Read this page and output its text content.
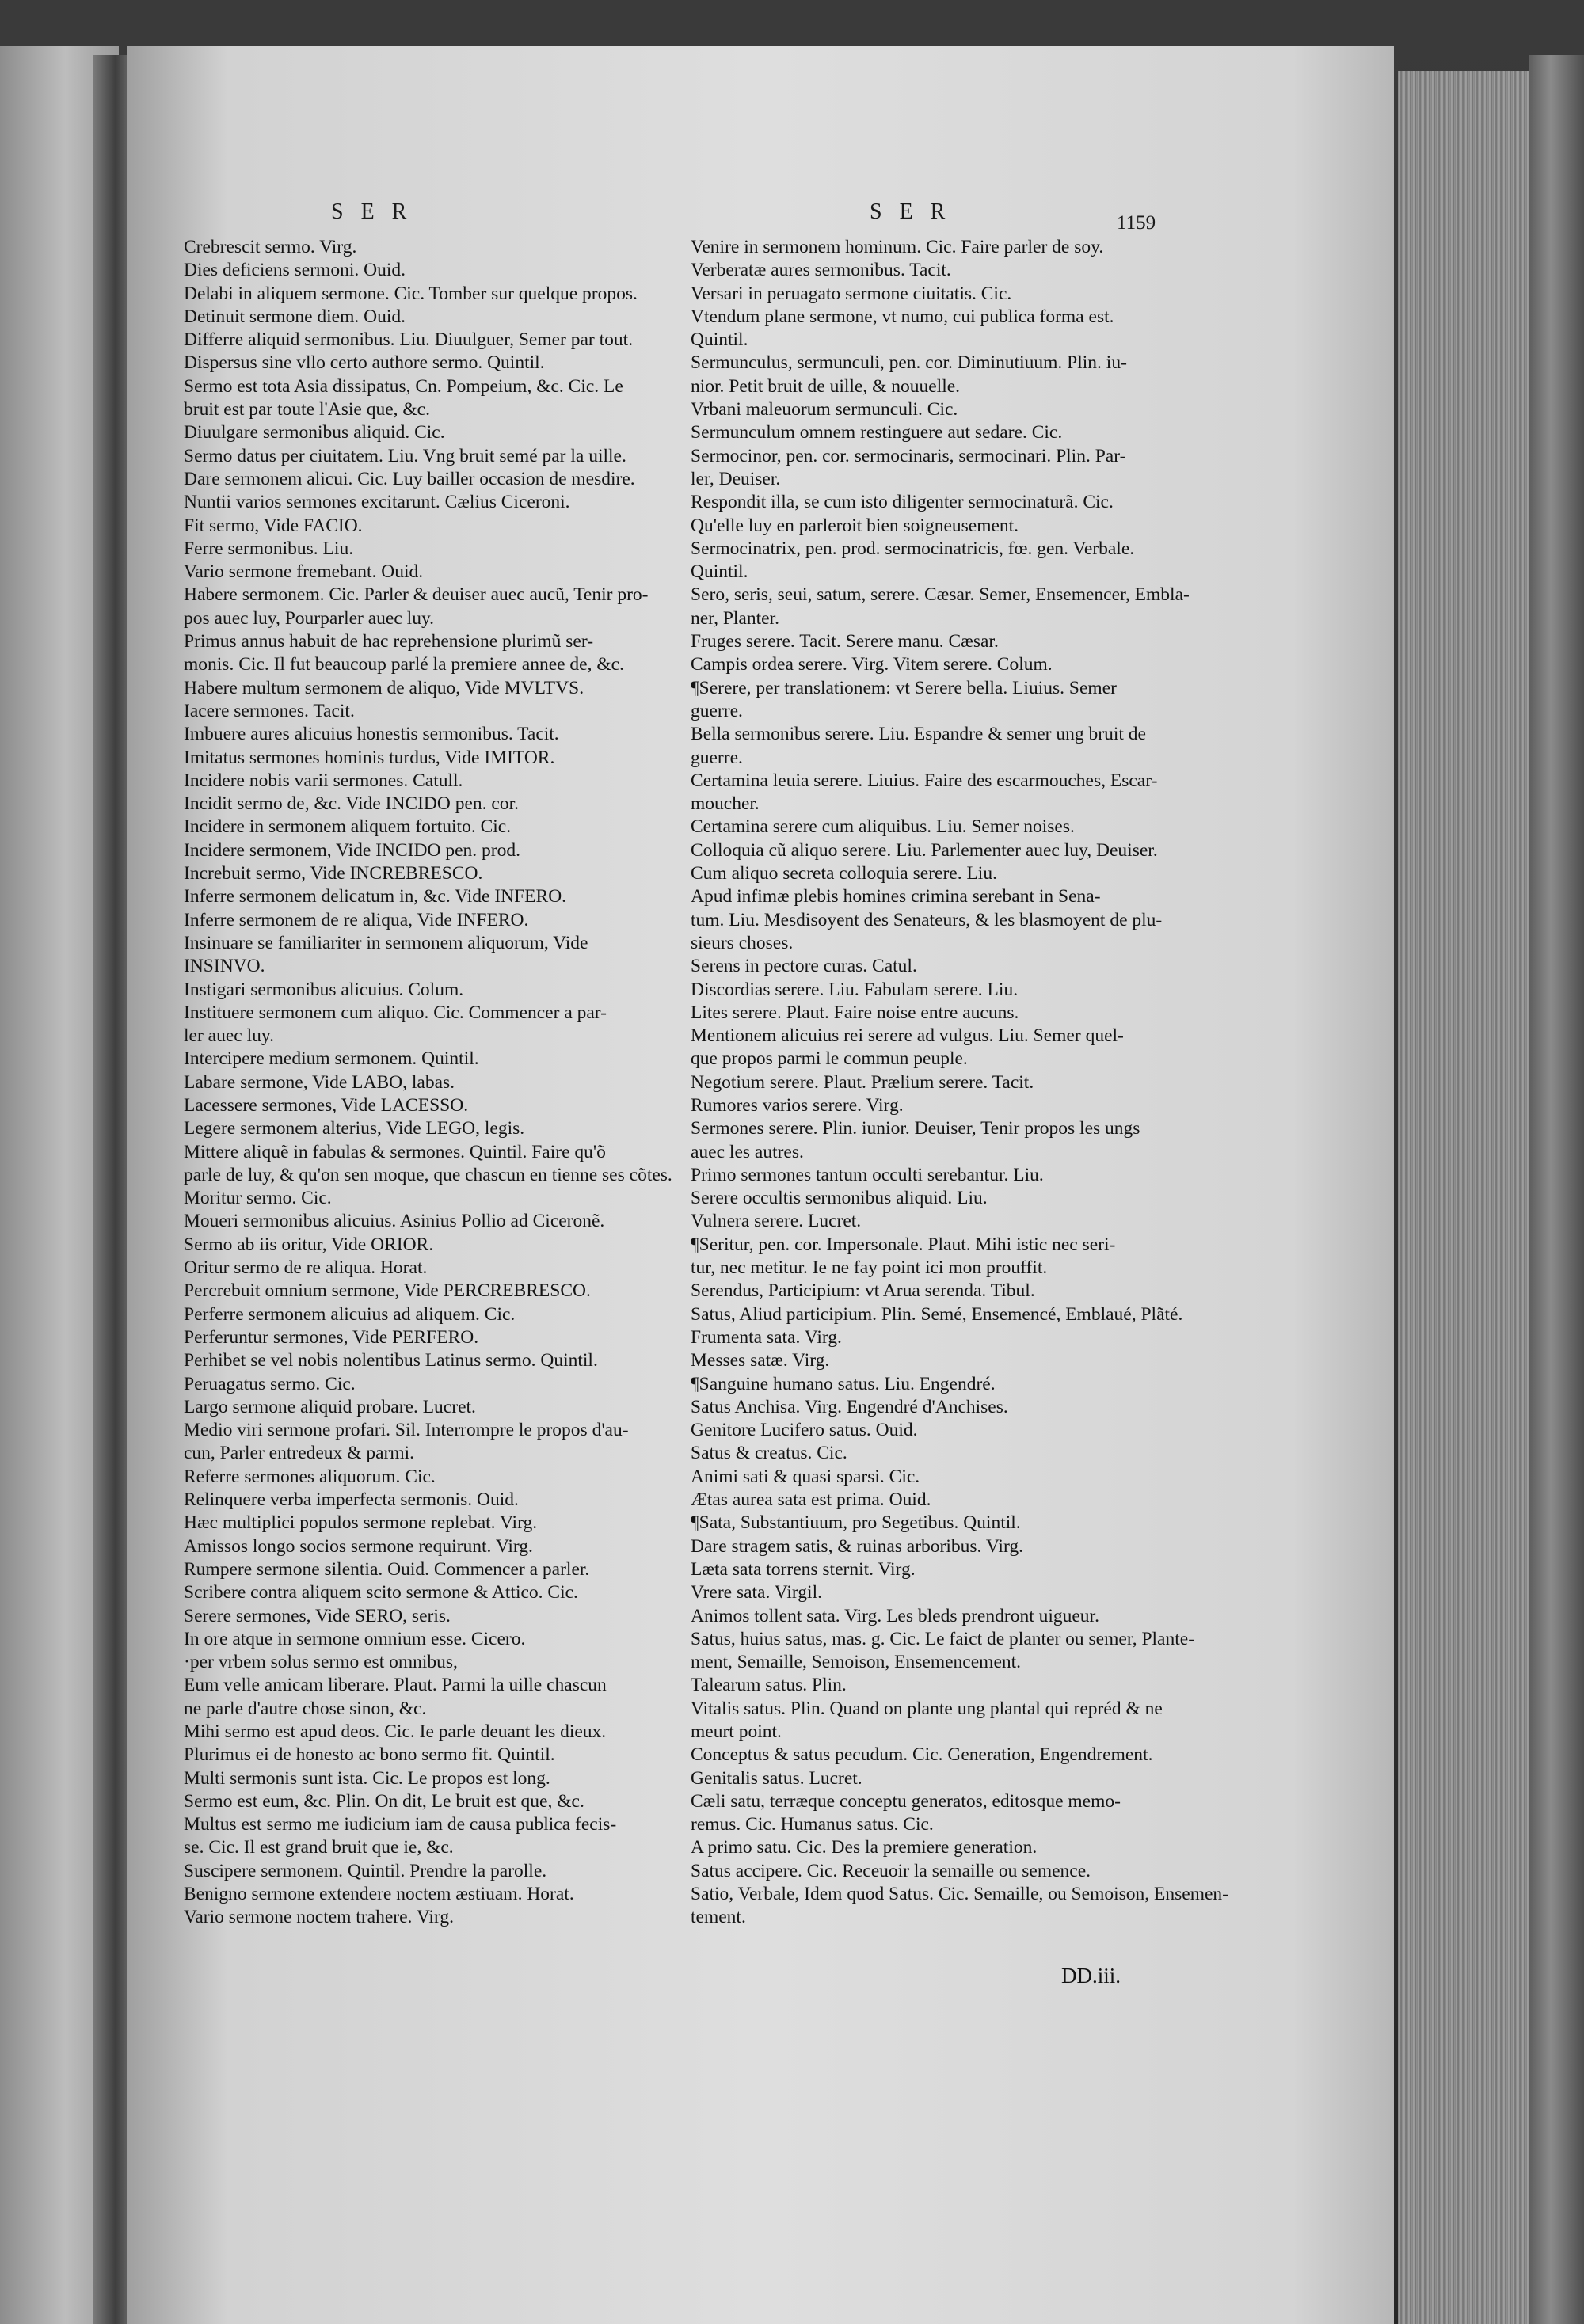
SER	SER	1159
Crebrescit sermo. Virg.
Dies deficiens sermoni. Ouid.
Delabi in aliquem sermone. Cic. Tomber sur quelque propos.
Detinuit sermone diem. Ouid.
Differre aliquid sermonibus. Liu. Diuulguer, Semer par tout.
Dispersus sine vllo certo authore sermo. Quintil.
Sermo est tota Asia dissipatus, Cn. Pompeium, &c. Cic. Le
bruit est par toute l'Asie que, &c.
Diuulgare sermonibus aliquid. Cic.
Sermo datus per ciuitatem. Liu. Vng bruit semé par la uille.
Dare sermonem alicui. Cic. Luy bailler occasion de mesdire.
Nuntii varios sermones excitarunt. Cælius Ciceroni.
Fit sermo, Vide FACIO.
Ferre sermonibus. Liu.
Vario sermone fremebant. Ouid.
Habere sermonem. Cic. Parler & deuiser auec aucũ, Tenir pro-
pos auec luy, Pourparler auec luy.
Primus annus habuit de hac reprehensione plurimũ ser-
monis. Cic. Il fut beaucoup parlé la premiere annee de, &c.
Habere multum sermonem de aliquo, Vide MVLTVS.
Iacere sermones. Tacit.
Imbuere aures alicuius honestis sermonibus. Tacit.
Imitatus sermones hominis turdus, Vide IMITOR.
Incidere nobis varii sermones. Catull.
Incidit sermo de, &c. Vide INCIDO pen. cor.
Incidere in sermonem aliquem fortuito. Cic.
Incidere sermonem, Vide INCIDO pen. prod.
Increbuit sermo, Vide INCREBRESCO.
Inferre sermonem delicatum in, &c. Vide INFERO.
Inferre sermonem de re aliqua, Vide INFERO.
Insinuare se familiariter in sermonem aliquorum, Vide
INSINVO.
Instigari sermonibus alicuius. Colum.
Instituere sermonem cum aliquo. Cic. Commencer a par-
ler auec luy.
Intercipere medium sermonem. Quintil.
Labare sermone, Vide LABO, labas.
Lacessere sermones, Vide LACESSO.
Legere sermonem alterius, Vide LEGO, legis.
Mittere aliquẽ in fabulas & sermones. Quintil. Faire qu'õ
parle de luy, & qu'on sen moque, que chascun en tienne ses cõtes.
Moritur sermo. Cic.
Moueri sermonibus alicuius. Asinius Pollio ad Ciceronẽ.
Sermo ab iis oritur, Vide ORIOR.
Oritur sermo de re aliqua. Horat.
Percrebuit omnium sermone, Vide PERCREBRESCO.
Perferre sermonem alicuius ad aliquem. Cic.
Perferuntur sermones, Vide PERFERO.
Perhibet se vel nobis nolentibus Latinus sermo. Quintil.
Peruagatus sermo. Cic.
Largo sermone aliquid probare. Lucret.
Medio viri sermone profari. Sil. Interrompre le propos d'au-
cun, Parler entredeux & parmi.
Referre sermones aliquorum. Cic.
Relinquere verba imperfecta sermonis. Ouid.
Hæc multiplici populos sermone replebat. Virg.
Amissos longo socios sermone requirunt. Virg.
Rumpere sermone silentia. Ouid. Commencer a parler.
Scribere contra aliquem scito sermone & Attico. Cic.
Serere sermones, Vide SERO, seris.
In ore atque in sermone omnium esse. Cicero.
·per vrbem solus sermo est omnibus,
Eum velle amicam liberare. Plaut. Parmi la uille chascun
ne parle d'autre chose sinon, &c.
Mihi sermo est apud deos. Cic. Ie parle deuant les dieux.
Plurimus ei de honesto ac bono sermo fit. Quintil.
Multi sermonis sunt ista. Cic. Le propos est long.
Sermo est eum, &c. Plin. On dit, Le bruit est que, &c.
Multus est sermo me iudicium iam de causa publica fecis-
se. Cic. Il est grand bruit que ie, &c.
Suscipere sermonem. Quintil. Prendre la parolle.
Benigno sermone extendere noctem æstiuam. Horat.
Vario sermone noctem trahere. Virg.
Venire in sermonem hominum. Cic. Faire parler de soy.
Verberatæ aures sermonibus. Tacit.
Versari in peruagato sermone ciuitatis. Cic.
Vtendum plane sermone, vt numo, cui publica forma est.
Quintil.
Sermunculus, sermunculi, pen. cor. Diminutiuum. Plin. iu-
nior. Petit bruit de uille, & nouuelle.
Vrbani maleuorum sermunculi. Cic.
Sermunculum omnem restinguere aut sedare. Cic.
Sermocinor, pen. cor. sermocinaris, sermocinari. Plin. Par-
ler, Deuiser.
Respondit illa, se cum isto diligenter sermocinaturã. Cic.
Qu'elle luy en parleroit bien soigneusement.
Sermocinatrix, pen. prod. sermocinatricis, fœ. gen. Verbale.
Quintil.
Sero, seris, seui, satum, serere. Cæsar. Semer, Ensemencer, Embla-
ner, Planter.
Fruges serere. Tacit. Serere manu. Cæsar.
Campis ordea serere. Virg. Vitem serere. Colum.
¶Serere, per translationem: vt Serere bella. Liuius. Semer
guerre.
Bella sermonibus serere. Liu. Espandre & semer ung bruit de
guerre.
Certamina leuia serere. Liuius. Faire des escarmouches, Escar-
moucher.
Certamina serere cum aliquibus. Liu. Semer noises.
Colloquia cũ aliquo serere. Liu. Parlementer auec luy, Deuiser.
Cum aliquo secreta colloquia serere. Liu.
Apud infimæ plebis homines crimina serebant in Sena-
tum. Liu. Mesdisoyent des Senateurs, & les blasmoyent de plu-
sieurs choses.
Serens in pectore curas. Catul.
Discordias serere. Liu. Fabulam serere. Liu.
Lites serere. Plaut. Faire noise entre aucuns.
Mentionem alicuius rei serere ad vulgus. Liu. Semer quel-
que propos parmi le commun peuple.
Negotium serere. Plaut. Prælium serere. Tacit.
Rumores varios serere. Virg.
Sermones serere. Plin. iunior. Deuiser, Tenir propos les ungs
auec les autres.
Primo sermones tantum occulti serebantur. Liu.
Serere occultis sermonibus aliquid. Liu.
Vulnera serere. Lucret.
¶Seritur, pen. cor. Impersonale. Plaut. Mihi istic nec seri-
tur, nec metitur. Ie ne fay point ici mon prouffit.
Serendus, Participium: vt Arua serenda. Tibul.
Satus, Aliud participium. Plin. Semé, Ensemencé, Emblaué, Plãté.
Frumenta sata. Virg.
Messes satæ. Virg.
¶Sanguine humano satus. Liu. Engendré.
Satus Anchisa. Virg. Engendré d'Anchises.
Genitore Lucifero satus. Ouid.
Satus & creatus. Cic.
Animi sati & quasi sparsi. Cic.
Ætas aurea sata est prima. Ouid.
¶Sata, Substantiuum, pro Segetibus. Quintil.
Dare stragem satis, & ruinas arboribus. Virg.
Læta sata torrens sternit. Virg.
Vrere sata. Virgil.
Animos tollent sata. Virg. Les bleds prendront uigueur.
Satus, huius satus, mas. g. Cic. Le faict de planter ou semer, Plante-
ment, Semaille, Semoison, Ensemencement.
Talearum satus. Plin.
Vitalis satus. Plin. Quand on plante ung plantal qui repréd & ne
meurt point.
Conceptus & satus pecudum. Cic. Generation, Engendrement.
Genitalis satus. Lucret.
Cæli satu, terræque conceptu generatos, editosque memo-
remus. Cic. Humanus satus. Cic.
A primo satu. Cic. Des la premiere generation.
Satus accipere. Cic. Receuoir la semaille ou semence.
Satio, Verbale, Idem quod Satus. Cic. Semaille, ou Semoison, Ensemen-
tement.
DD.iii.
